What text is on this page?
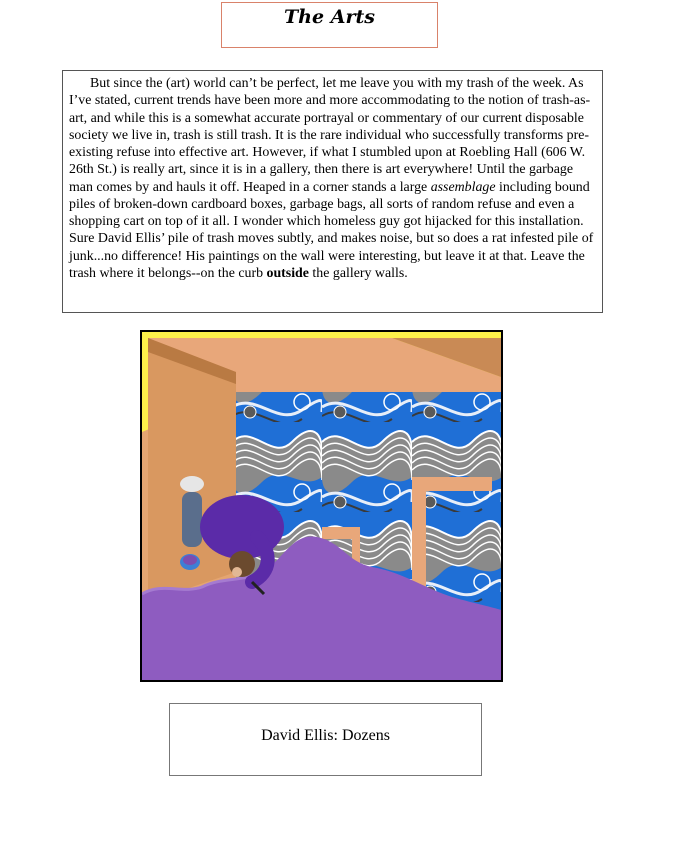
The Arts

But since the (art) world can’t be perfect, let me leave you with my trash of the week. As I’ve stated, current trends have been more and more accommodating to the notion of trash-as-art, and while this is a somewhat accurate portrayal or commentary of our current disposable society we live in, trash is still trash. It is the rare individual who successfully transforms pre-existing refuse into effective art. However, if what I stumbled upon at Roebling Hall (606 W. 26th St.) is really art, since it is in a gallery, then there is art everywhere! Until the garbage man comes by and hauls it off. Heaped in a corner stands a large assemblage including bound piles of broken-down cardboard boxes, garbage bags, all sorts of random refuse and even a shopping cart on top of it all. I wonder which homeless guy got hijacked for this installation. Sure David Ellis’ pile of trash moves subtly, and makes noise, but so does a rat infested pile of junk...no difference! His paintings on the wall were interesting, but leave it at that. Leave the trash where it belongs--on the curb outside the gallery walls.

David Ellis: Dozens
